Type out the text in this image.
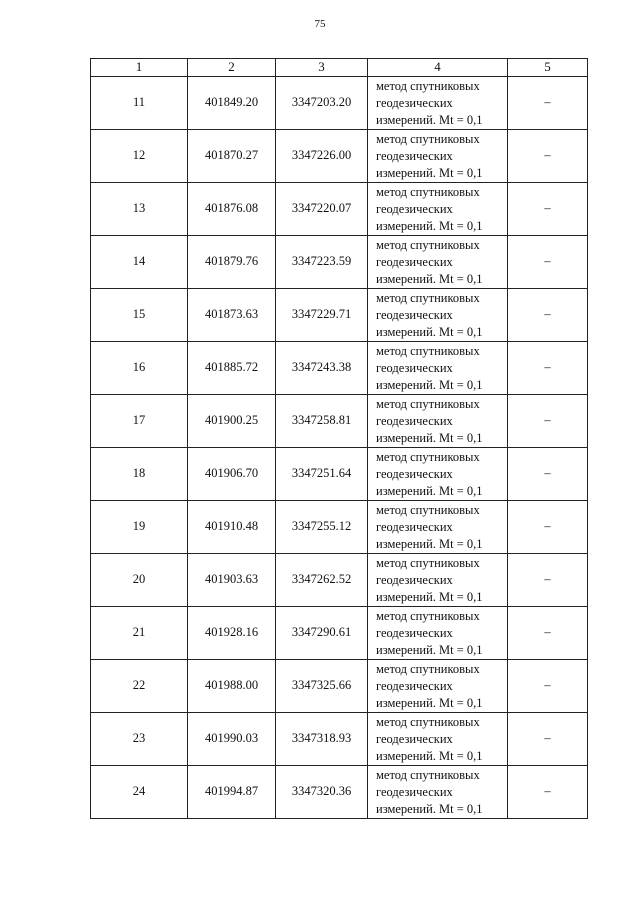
75
1	2	3	4	5
11	401849.20	3347203.20	метод спутниковых
геодезических
измерений. Mt = 0,1	–
12	401870.27	3347226.00	метод спутниковых
геодезических
измерений. Mt = 0,1	–
13	401876.08	3347220.07	метод спутниковых
геодезических
измерений. Mt = 0,1	–
14	401879.76	3347223.59	метод спутниковых
геодезических
измерений. Mt = 0,1	–
15	401873.63	3347229.71	метод спутниковых
геодезических
измерений. Mt = 0,1	–
16	401885.72	3347243.38	метод спутниковых
геодезических
измерений. Mt = 0,1	–
17	401900.25	3347258.81	метод спутниковых
геодезических
измерений. Mt = 0,1	–
18	401906.70	3347251.64	метод спутниковых
геодезических
измерений. Mt = 0,1	–
19	401910.48	3347255.12	метод спутниковых
геодезических
измерений. Mt = 0,1	–
20	401903.63	3347262.52	метод спутниковых
геодезических
измерений. Mt = 0,1	–
21	401928.16	3347290.61	метод спутниковых
геодезических
измерений. Mt = 0,1	–
22	401988.00	3347325.66	метод спутниковых
геодезических
измерений. Mt = 0,1	–
23	401990.03	3347318.93	метод спутниковых
геодезических
измерений. Mt = 0,1	–
24	401994.87	3347320.36	метод спутниковых
геодезических
измерений. Mt = 0,1	–
